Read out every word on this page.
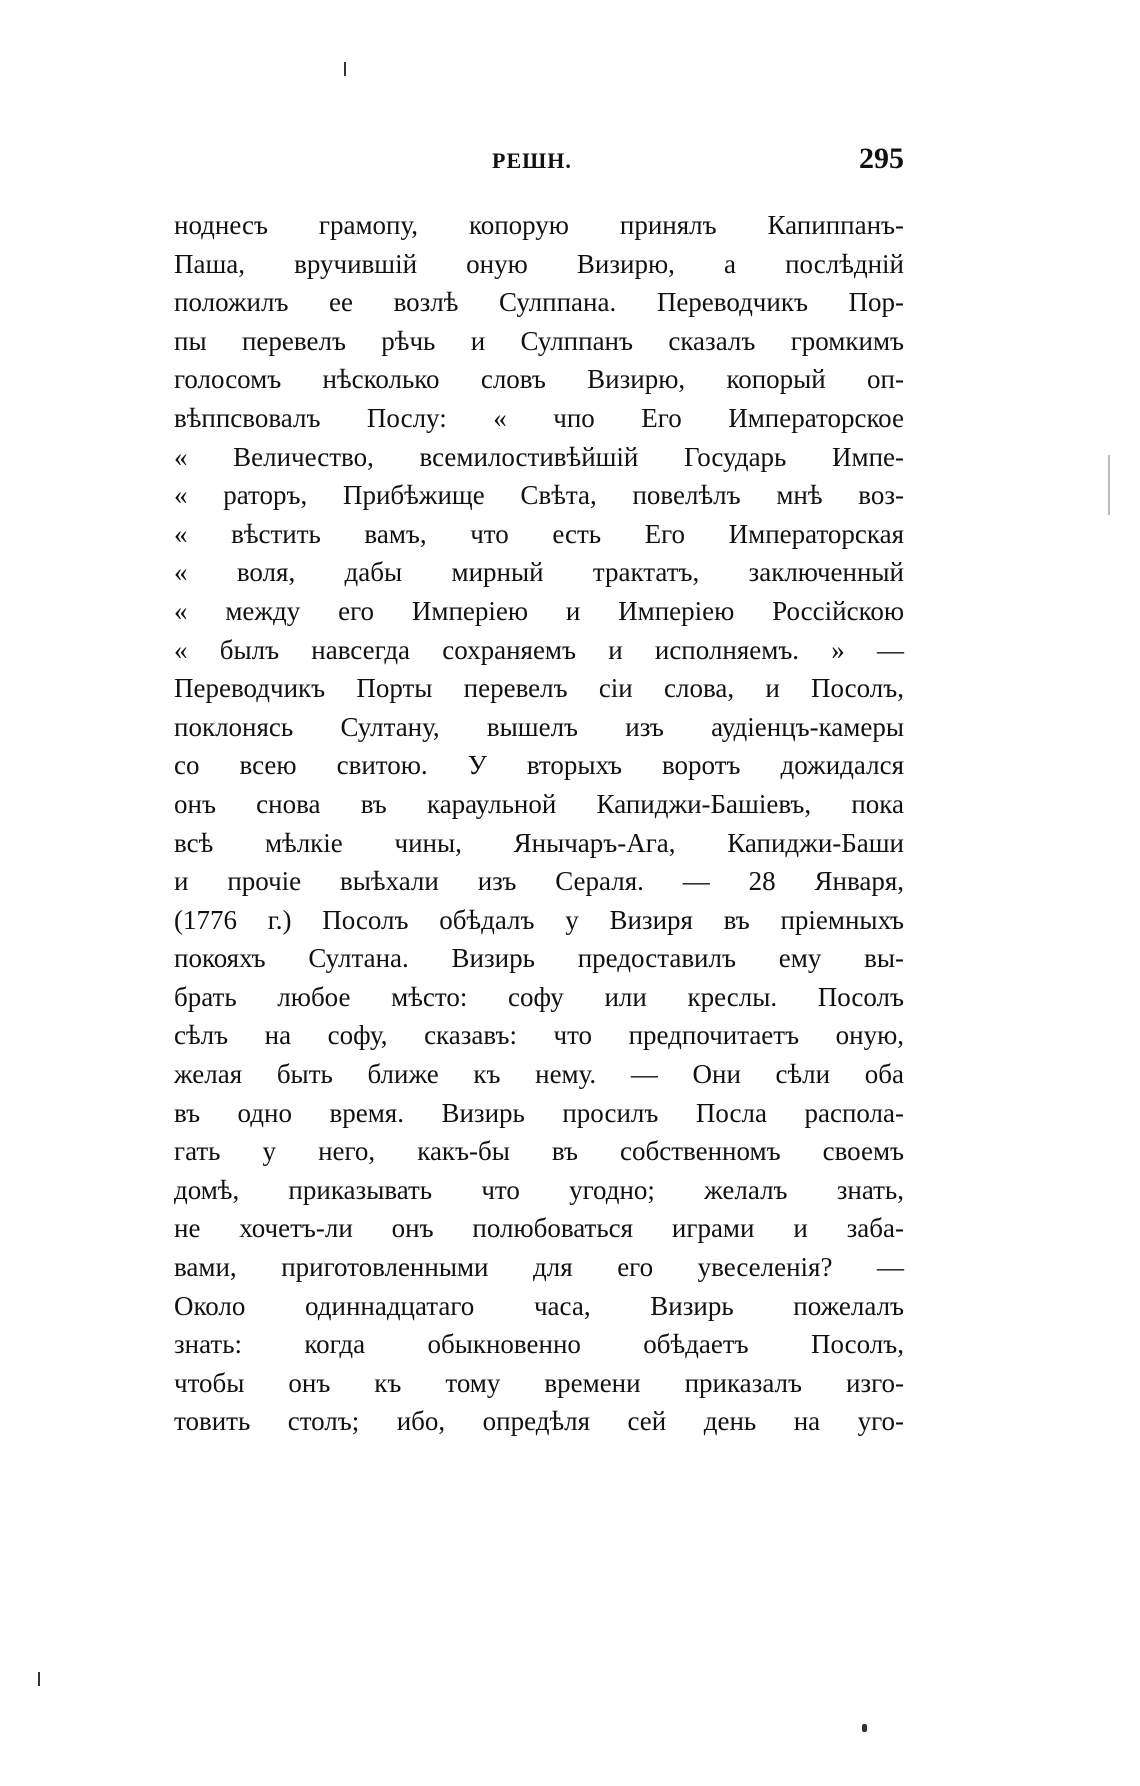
РЕШН.	295
ноднесъ грамопу, копорую принялъ Капиппанъ-
Паша, вручившій оную Визирю, а послѣдній
положилъ ее возлѣ Сулппана. Переводчикъ Пор-
пы перевелъ рѣчь и Сулппанъ сказалъ громкимъ
голосомъ нѣсколько словъ Визирю, копорый оп-
вѣппсвовалъ Послу: « чпо Его Императорское
« Величество, всемилостивѣйшій Государь Импе-
« раторъ, Прибѣжище Свѣта, повелѣлъ мнѣ воз-
« вѣстить вамъ, что есть Его Императорская
« воля, дабы мирный трактатъ, заключенный
« между его Имперіею и Имперіею Россійскою
« былъ навсегда сохраняемъ и исполняемъ. » —
Переводчикъ Порты перевелъ сіи слова, и Посолъ,
поклонясь Султану, вышелъ изъ аудіенцъ-камеры
со всею свитою. У вторыхъ воротъ дожидался
онъ снова въ караульной Капиджи-Башіевъ, пока
всѣ мѣлкіе чины, Янычаръ-Ага, Капиджи-Баши
и прочіе выѣхали изъ Сераля. — 28 Января,
(1776 г.) Посолъ обѣдалъ у Визиря въ пріемныхъ
покояхъ Султана. Визирь предоставилъ ему вы-
брать любое мѣсто: софу или креслы. Посолъ
сѣлъ на софу, сказавъ: что предпочитаетъ оную,
желая быть ближе къ нему. — Они сѣли оба
въ одно время. Визирь просилъ Посла распола-
гать у него, какъ-бы въ собственномъ своемъ
домѣ, приказывать что угодно; желалъ знать,
не хочетъ-ли онъ полюбоваться играми и заба-
вами, приготовленными для его увеселенія? —
Около одиннадцатаго часа, Визирь пожелалъ
знать: когда обыкновенно обѣдаетъ Посолъ,
чтобы онъ къ тому времени приказалъ изго-
товить столъ; ибо, опредѣля сей день на уго-
